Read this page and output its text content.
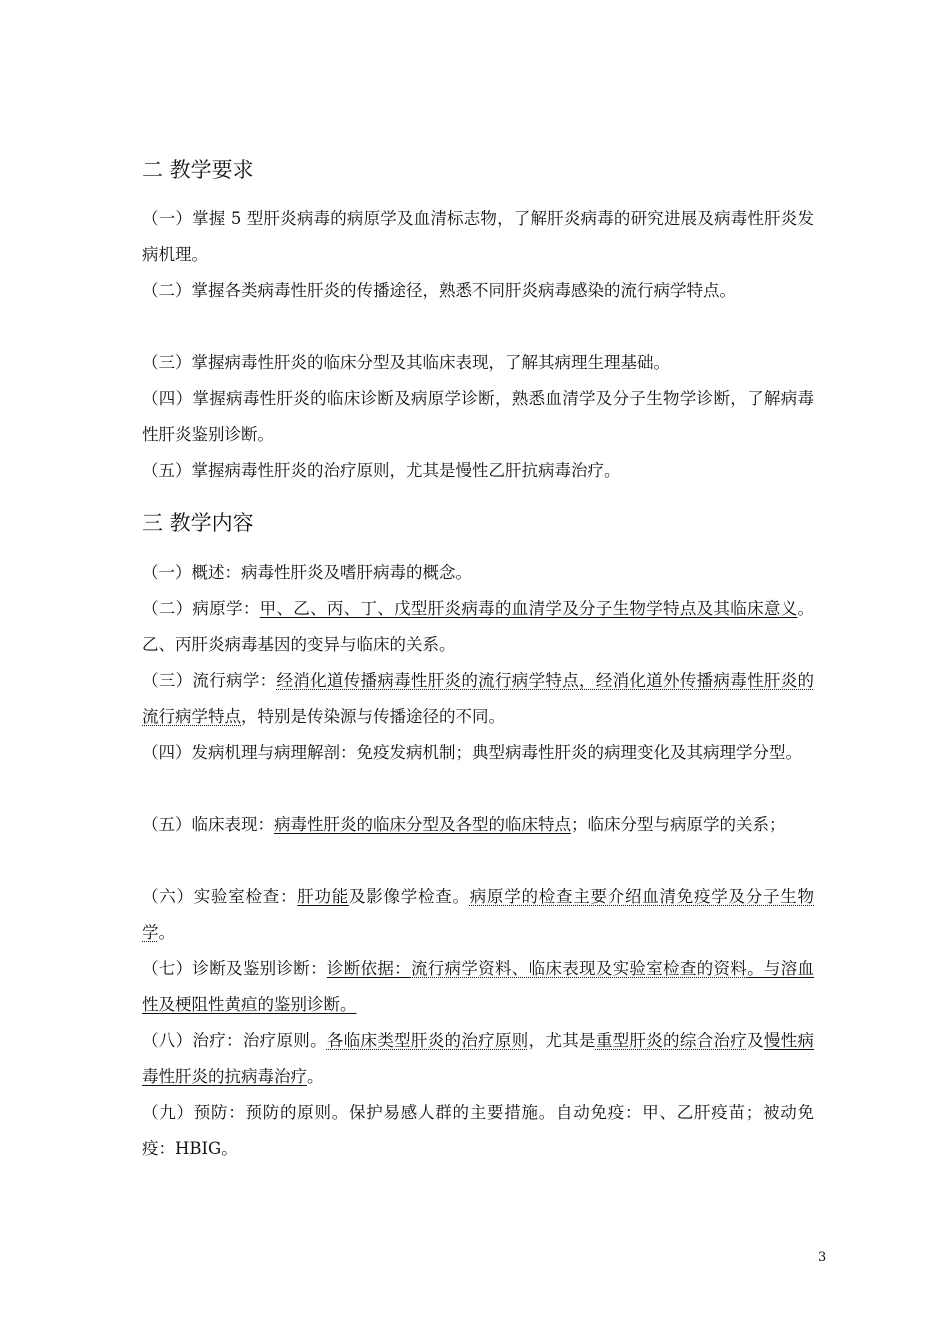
二 教学要求
（一）掌握 5 型肝炎病毒的病原学及血清标志物，了解肝炎病毒的研究进展及病毒性肝炎发病机理。
（二）掌握各类病毒性肝炎的传播途径，熟悉不同肝炎病毒感染的流行病学特点。
（三）掌握病毒性肝炎的临床分型及其临床表现，了解其病理生理基础。
（四）掌握病毒性肝炎的临床诊断及病原学诊断，熟悉血清学及分子生物学诊断，了解病毒性肝炎鉴别诊断。
（五）掌握病毒性肝炎的治疗原则，尤其是慢性乙肝抗病毒治疗。
三 教学内容
（一）概述：病毒性肝炎及嗜肝病毒的概念。
（二）病原学：甲、乙、丙、丁、戊型肝炎病毒的血清学及分子生物学特点及其临床意义。乙、丙肝炎病毒基因的变异与临床的关系。
（三）流行病学：经消化道传播病毒性肝炎的流行病学特点，经消化道外传播病毒性肝炎的流行病学特点，特别是传染源与传播途径的不同。
（四）发病机理与病理解剖：免疫发病机制；典型病毒性肝炎的病理变化及其病理学分型。
（五）临床表现：病毒性肝炎的临床分型及各型的临床特点；临床分型与病原学的关系；
（六）实验室检查：肝功能及影像学检查。病原学的检查主要介绍血清免疫学及分子生物学。
（七）诊断及鉴别诊断：诊断依据：流行病学资料、临床表现及实验室检查的资料。与溶血性及梗阻性黄疸的鉴别诊断。
（八）治疗：治疗原则。各临床类型肝炎的治疗原则，尤其是重型肝炎的综合治疗及慢性病毒性肝炎的抗病毒治疗。
（九）预防：预防的原则。保护易感人群的主要措施。自动免疫：甲、乙肝疫苗；被动免疫：HBIG。
3
